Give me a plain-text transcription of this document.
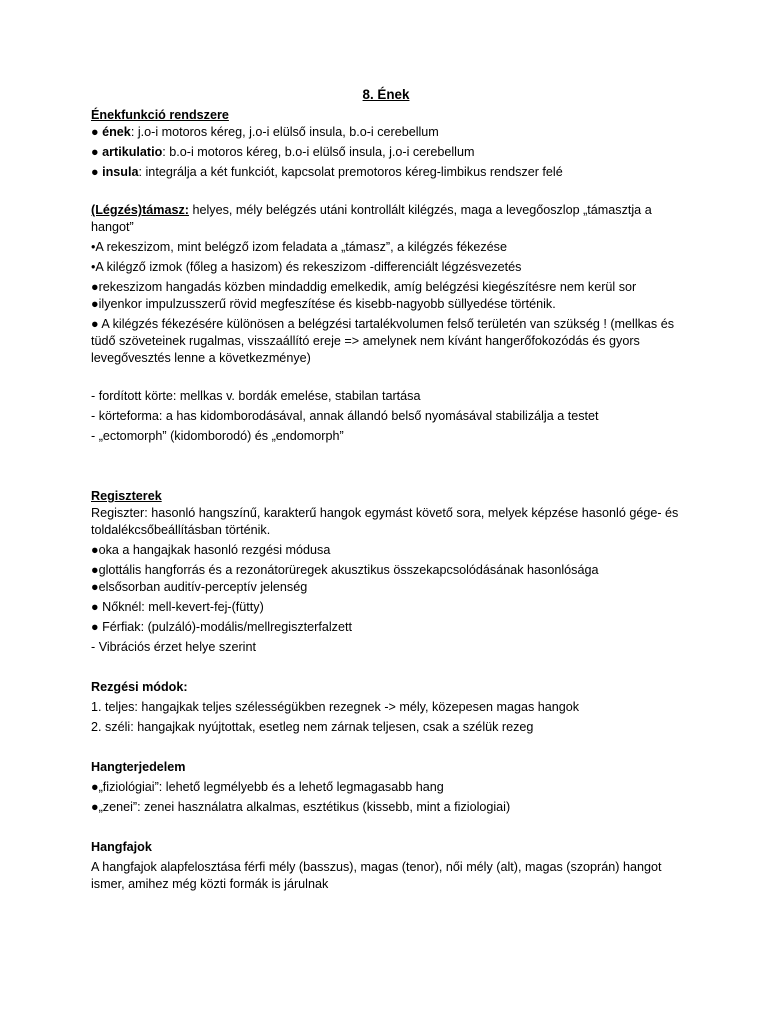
8. Ének
Énekfunkció rendszere
● ének: j.o-i motoros kéreg, j.o-i elülső insula, b.o-i cerebellum
● artikulatio: b.o-i motoros kéreg, b.o-i elülső insula, j.o-i cerebellum
● insula: integrálja a két funkciót, kapcsolat premotoros kéreg-limbikus rendszer felé
(Légzés)támasz: helyes, mély belégzés utáni kontrollált kilégzés, maga a levegőoszlop „támasztja a hangot”
•A rekeszizom, mint belégző izom feladata a „támasz”, a kilégzés fékezése
•A kilégző izmok (főleg a hasizom) és rekeszizom -differenciált légzésvezetés
●rekeszizom hangadás közben mindaddig emelkedik, amíg belégzési kiegészítésre nem kerül sor
●ilyenkor impulzusszerű rövid megfeszítése és kisebb-nagyobb süllyedése történik.
● A kilégzés fékezésére különösen a belégzési tartalékvolumen felső területén van szükség ! (mellkas és tüdő szöveteinek rugalmas, visszaállító ereje => amelynek nem kívánt hangerőfokozódás és gyors levegővesztés lenne a következménye)
- fordított körte: mellkas v. bordák emelése, stabilan tartása
- körteforma: a has kidomborodásával, annak állandó belső nyomásával stabilizálja a testet
- „ectomorph” (kidomborodó) és „endomorph”
Regiszterek
Regiszter: hasonló hangszínű, karakterű hangok egymást követő sora, melyek képzése hasonló gége- és toldalékcsőbeállításban történik.
●oka a hangajkak hasonló rezgési módusa
●glottális hangforrás és a rezonátorüregek akusztikus összekapcsolódásának hasonlósága
●elsősorban auditív-perceptív jelenség
● Nőknél: mell-kevert-fej-(fütty)
● Férfiak: (pulzáló)-modális/mellregiszterfalzett
- Vibrációs érzet helye szerint
Rezgési módok:
1. teljes: hangajkak teljes szélességükben rezegnek -> mély, közepesen magas hangok
2. széli: hangajkak nyújtottak, esetleg nem zárnak teljesen, csak a szélük rezeg
Hangterjedelem
●„fiziológiai”: lehető legmélyebb és a lehető legmagasabb hang
●„zenei”: zenei használatra alkalmas, esztétikus (kissebb, mint a fiziologiai)
Hangfajok
A hangfajok alapfelosztása férfi mély (basszus), magas (tenor), női mély (alt), magas (szoprán) hangot ismer, amihez még közti formák is járulnak
